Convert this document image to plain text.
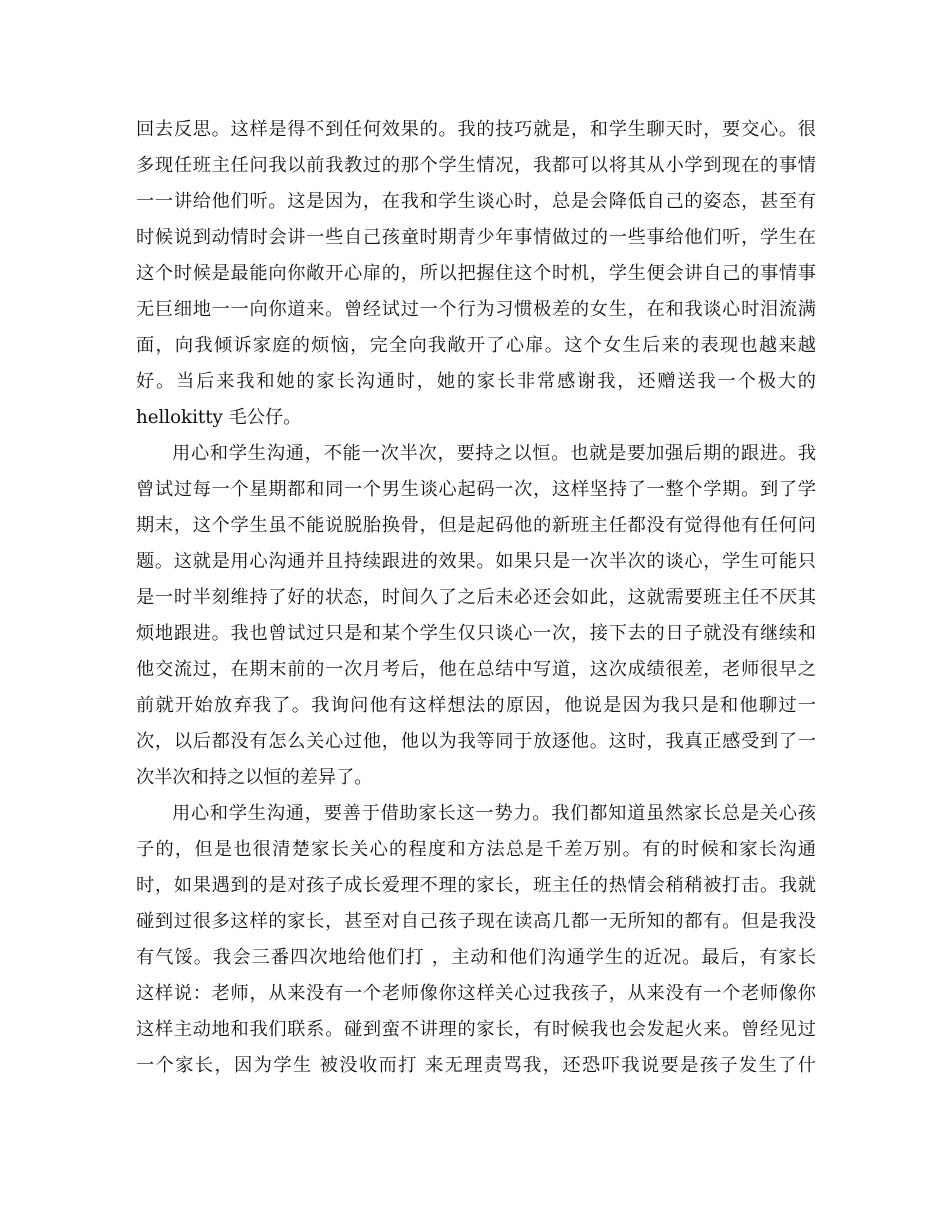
回去反思。这样是得不到任何效果的。我的技巧就是，和学生聊天时，要交心。很
多现任班主任问我以前我教过的那个学生情况，我都可以将其从小学到现在的事情
一一讲给他们听。这是因为，在我和学生谈心时，总是会降低自己的姿态，甚至有
时候说到动情时会讲一些自己孩童时期青少年事情做过的一些事给他们听，学生在
这个时候是最能向你敞开心扉的，所以把握住这个时机，学生便会讲自己的事情事
无巨细地一一向你道来。曾经试过一个行为习惯极差的女生，在和我谈心时泪流满
面，向我倾诉家庭的烦恼，完全向我敞开了心扉。这个女生后来的表现也越来越
好。当后来我和她的家长沟通时，她的家长非常感谢我，还赠送我一个极大的
hellokitty 毛公仔。
用心和学生沟通，不能一次半次，要持之以恒。也就是要加强后期的跟进。我
曾试过每一个星期都和同一个男生谈心起码一次，这样坚持了一整个学期。到了学
期末，这个学生虽不能说脱胎换骨，但是起码他的新班主任都没有觉得他有任何问
题。这就是用心沟通并且持续跟进的效果。如果只是一次半次的谈心，学生可能只
是一时半刻维持了好的状态，时间久了之后未必还会如此，这就需要班主任不厌其
烦地跟进。我也曾试过只是和某个学生仅只谈心一次，接下去的日子就没有继续和
他交流过，在期末前的一次月考后，他在总结中写道，这次成绩很差，老师很早之
前就开始放弃我了。我询问他有这样想法的原因，他说是因为我只是和他聊过一
次，以后都没有怎么关心过他，他以为我等同于放逐他。这时，我真正感受到了一
次半次和持之以恒的差异了。
用心和学生沟通，要善于借助家长这一势力。我们都知道虽然家长总是关心孩
子的，但是也很清楚家长关心的程度和方法总是千差万别。有的时候和家长沟通
时，如果遇到的是对孩子成长爱理不理的家长，班主任的热情会稍稍被打击。我就
碰到过很多这样的家长，甚至对自己孩子现在读高几都一无所知的都有。但是我没
有气馁。我会三番四次地给他们打 ，主动和他们沟通学生的近况。最后，有家长
这样说：老师，从来没有一个老师像你这样关心过我孩子，从来没有一个老师像你
这样主动地和我们联系。碰到蛮不讲理的家长，有时候我也会发起火来。曾经见过
一个家长，因为学生 被没收而打 来无理责骂我，还恐吓我说要是孩子发生了什
